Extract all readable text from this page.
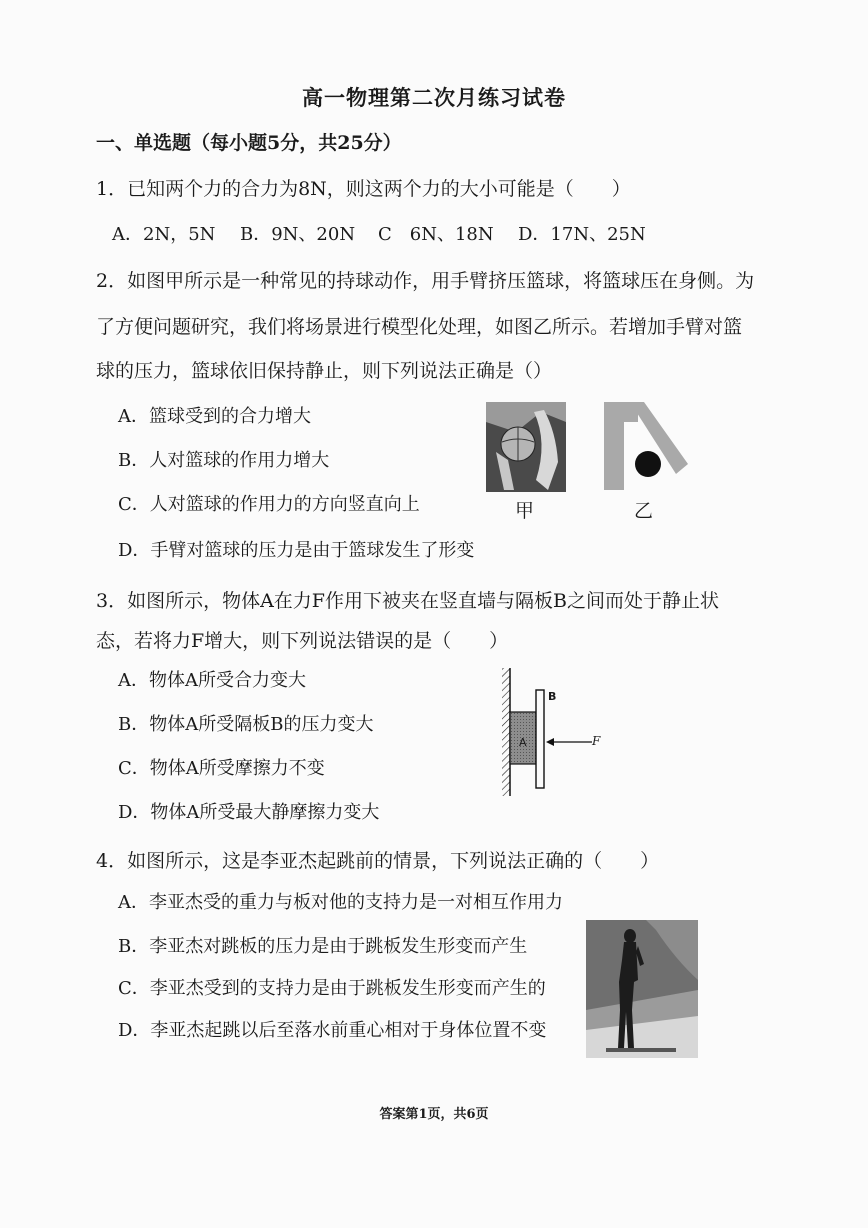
高一物理第二次月练习试卷
一、单选题（每小题5分，共25分）
1．已知两个力的合力为8N，则这两个力的大小可能是（　　）
A．2N，5N B．9N、20N C　6N、18N D．17N、25N
2．如图甲所示是一种常见的持球动作，用手臂挤压篮球，将篮球压在身侧。为
了方便问题研究，我们将场景进行模型化处理，如图乙所示。若增加手臂对篮
球的压力，篮球依旧保持静止，则下列说法正确是（）
A．篮球受到的合力增大
B．人对篮球的作用力增大
C．人对篮球的作用力的方向竖直向上
D．手臂对篮球的压力是由于篮球发生了形变
甲	乙
3．如图所示，物体A在力F作用下被夹在竖直墙与隔板B之间而处于静止状
态，若将力F增大，则下列说法错误的是（　　）
A．物体A所受合力变大
B．物体A所受隔板B的压力变大
C．物体A所受摩擦力不变
D．物体A所受最大静摩擦力变大
A
B
F
4．如图所示，这是李亚杰起跳前的情景，下列说法正确的（　　）
A．李亚杰受的重力与板对他的支持力是一对相互作用力
B．李亚杰对跳板的压力是由于跳板发生形变而产生
C．李亚杰受到的支持力是由于跳板发生形变而产生的
D．李亚杰起跳以后至落水前重心相对于身体位置不变
答案第1页，共6页
